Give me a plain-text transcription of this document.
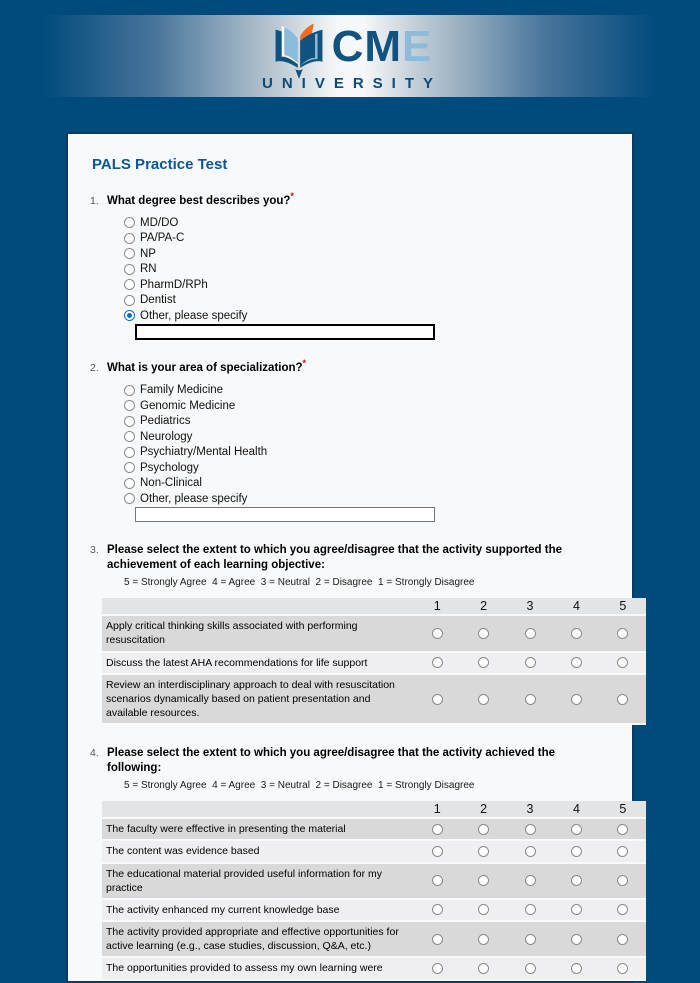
CME
UNIVERSITY
PALS Practice Test
1. What degree best describes you?*
MD/DO
PA/PA-C
NP
RN
PharmD/RPh
Dentist
Other, please specify
2. What is your area of specialization?*
Family Medicine
Genomic Medicine
Pediatrics
Neurology
Psychiatry/Mental Health
Psychology
Non-Clinical
Other, please specify
3. Please select the extent to which you agree/disagree that the activity supported the achievement of each learning objective:
5 = Strongly Agree  4 = Agree  3 = Neutral  2 = Disagree  1 = Strongly Disagree
1	2	3	4	5
Apply critical thinking skills associated with performing resuscitation
Discuss the latest AHA recommendations for life support
Review an interdisciplinary approach to deal with resuscitation scenarios dynamically based on patient presentation and available resources.
4. Please select the extent to which you agree/disagree that the activity achieved the following:
5 = Strongly Agree  4 = Agree  3 = Neutral  2 = Disagree  1 = Strongly Disagree
1	2	3	4	5
The faculty were effective in presenting the material
The content was evidence based
The educational material provided useful information for my practice
The activity enhanced my current knowledge base
The activity provided appropriate and effective opportunities for active learning (e.g., case studies, discussion, Q&A, etc.)
The opportunities provided to assess my own learning were
